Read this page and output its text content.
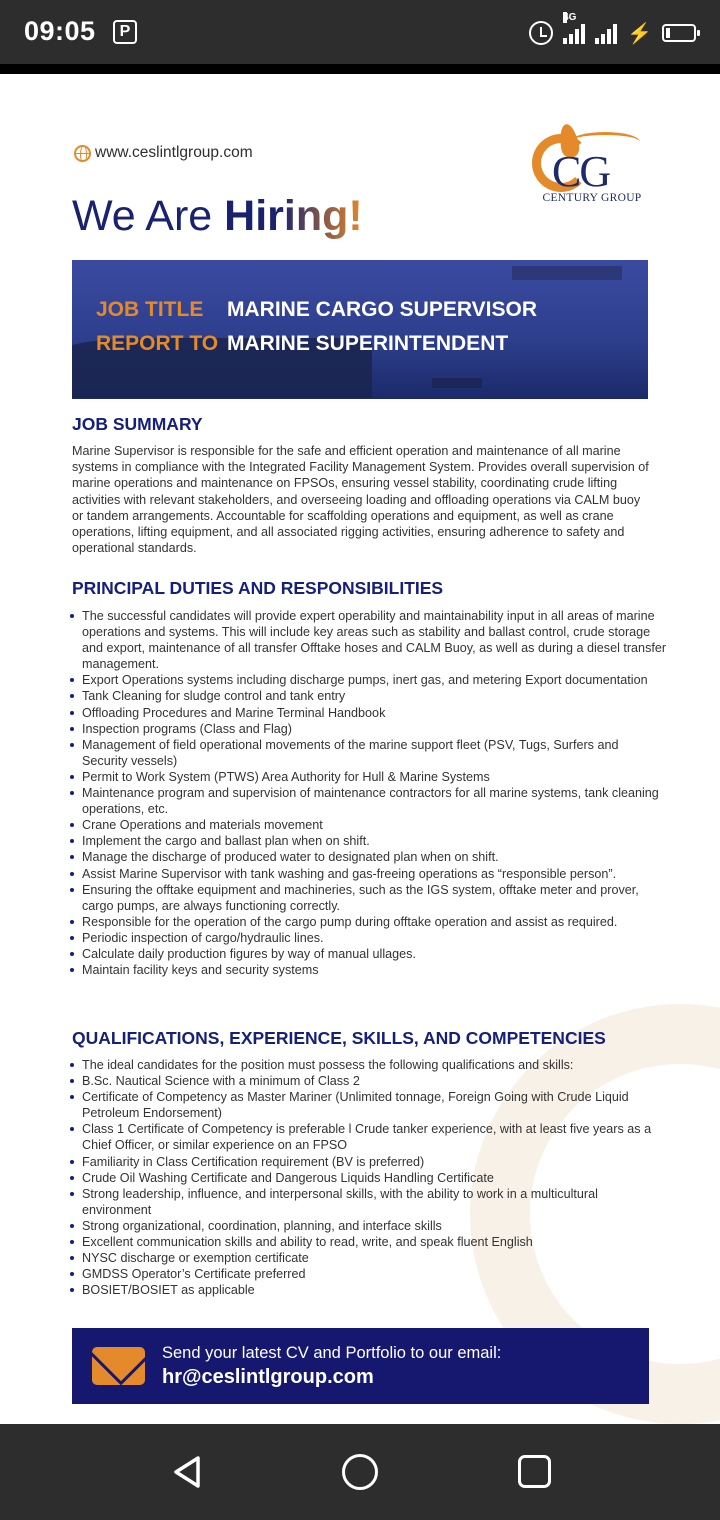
09:05	P
4G
⚡
www.ceslintlgroup.com	CG
CENTURY GROUP
We Are Hiring!
JOB TITLE MARINE CARGO SUPERVISOR
REPORT TO MARINE SUPERINTENDENT
JOB SUMMARY
Marine Supervisor is responsible for the safe and efficient operation and maintenance of all marine systems in compliance with the Integrated Facility Management System. Provides overall supervision of marine operations and maintenance on FPSOs, ensuring vessel stability, coordinating crude lifting activities with relevant stakeholders, and overseeing loading and offloading operations via CALM buoy or tandem arrangements. Accountable for scaffolding operations and equipment, as well as crane operations, lifting equipment, and all associated rigging activities, ensuring adherence to safety and operational standards.
PRINCIPAL DUTIES AND RESPONSIBILITIES
The successful candidates will provide expert operability and maintainability input in all areas of marine operations and systems. This will include key areas such as stability and ballast control, crude storage and export, maintenance of all transfer Offtake hoses and CALM Buoy, as well as during a diesel transfer management.
Export Operations systems including discharge pumps, inert gas, and metering Export documentation
Tank Cleaning for sludge control and tank entry
Offloading Procedures and Marine Terminal Handbook
Inspection programs (Class and Flag)
Management of field operational movements of the marine support fleet (PSV, Tugs, Surfers and Security vessels)
Permit to Work System (PTWS) Area Authority for Hull & Marine Systems
Maintenance program and supervision of maintenance contractors for all marine systems, tank cleaning operations, etc.
Crane Operations and materials movement
Implement the cargo and ballast plan when on shift.
Manage the discharge of produced water to designated plan when on shift.
Assist Marine Supervisor with tank washing and gas-freeing operations as “responsible person”.
Ensuring the offtake equipment and machineries, such as the IGS system, offtake meter and prover, cargo pumps, are always functioning correctly.
Responsible for the operation of the cargo pump during offtake operation and assist as required.
Periodic inspection of cargo/hydraulic lines.
Calculate daily production figures by way of manual ullages.
Maintain facility keys and security systems
QUALIFICATIONS, EXPERIENCE, SKILLS, AND COMPETENCIES
The ideal candidates for the position must possess the following qualifications and skills:
B.Sc. Nautical Science with a minimum of Class 2
Certificate of Competency as Master Mariner (Unlimited tonnage, Foreign Going with Crude Liquid Petroleum Endorsement)
Class 1 Certificate of Competency is preferable l Crude tanker experience, with at least five years as a Chief Officer, or similar experience on an FPSO
Familiarity in Class Certification requirement (BV is preferred)
Crude Oil Washing Certificate and Dangerous Liquids Handling Certificate
Strong leadership, influence, and interpersonal skills, with the ability to work in a multicultural environment
Strong organizational, coordination, planning, and interface skills
Excellent communication skills and ability to read, write, and speak fluent English
NYSC discharge or exemption certificate
GMDSS Operator’s Certificate preferred
BOSIET/BOSIET as applicable
Send your latest CV and Portfolio to our email:
hr@ceslintlgroup.com
